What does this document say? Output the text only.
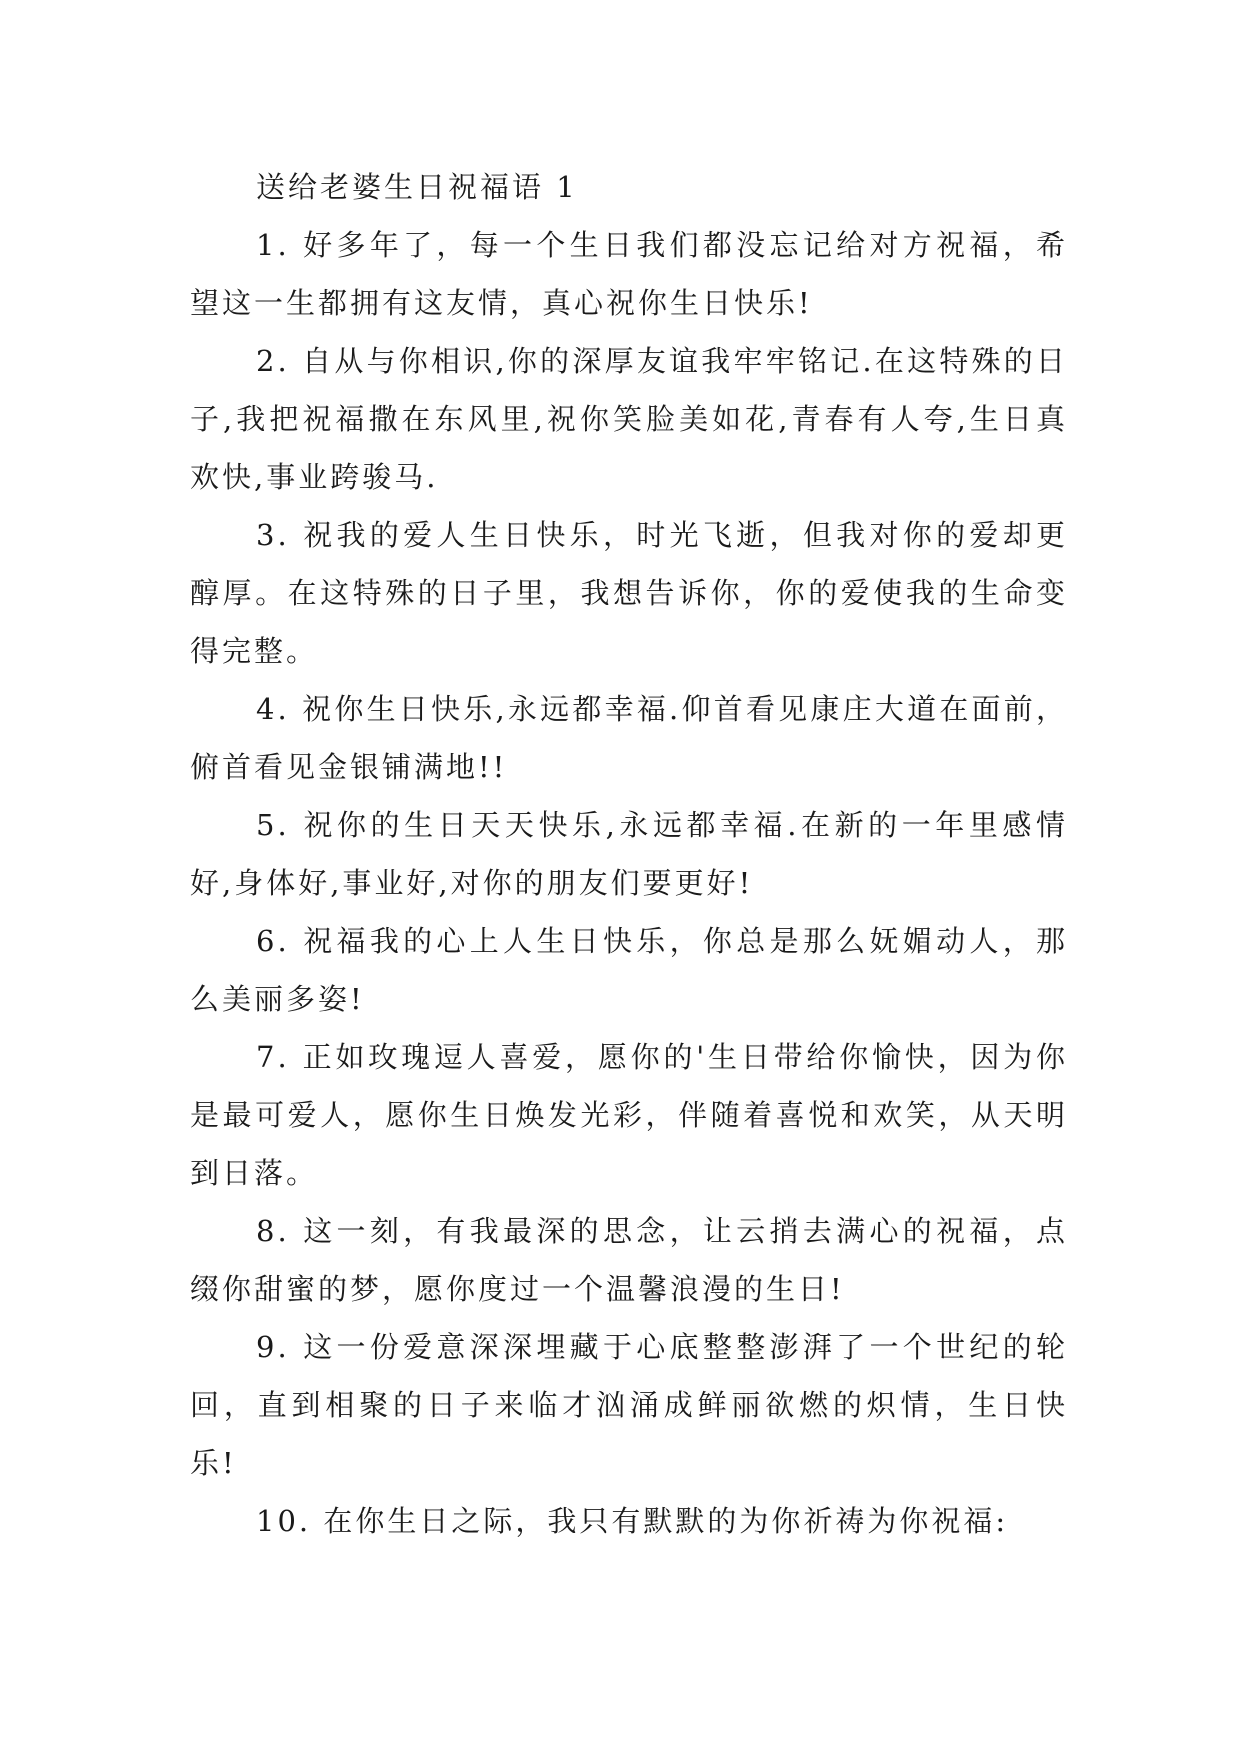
送给老婆生日祝福语 1

1. 好多年了，每一个生日我们都没忘记给对方祝福，希望这一生都拥有这友情，真心祝你生日快乐!

2. 自从与你相识,你的深厚友谊我牢牢铭记.在这特殊的日子,我把祝福撒在东风里,祝你笑脸美如花,青春有人夸,生日真欢快,事业跨骏马.

3. 祝我的爱人生日快乐，时光飞逝，但我对你的爱却更醇厚。在这特殊的日子里，我想告诉你，你的爱使我的生命变得完整。

4. 祝你生日快乐,永远都幸福.仰首看见康庄大道在面前，俯首看见金银铺满地!!

5. 祝你的生日天天快乐,永远都幸福.在新的一年里感情好,身体好,事业好,对你的朋友们要更好!

6. 祝福我的心上人生日快乐，你总是那么妩媚动人，那么美丽多姿!

7. 正如玫瑰逗人喜爱，愿你的'生日带给你愉快，因为你是最可爱人，愿你生日焕发光彩，伴随着喜悦和欢笑，从天明到日落。

8. 这一刻，有我最深的思念，让云捎去满心的祝福，点缀你甜蜜的梦，愿你度过一个温馨浪漫的生日!

9. 这一份爱意深深埋藏于心底整整澎湃了一个世纪的轮回，直到相聚的日子来临才汹涌成鲜丽欲燃的炽情，生日快乐!

10. 在你生日之际，我只有默默的为你祈祷为你祝福:
